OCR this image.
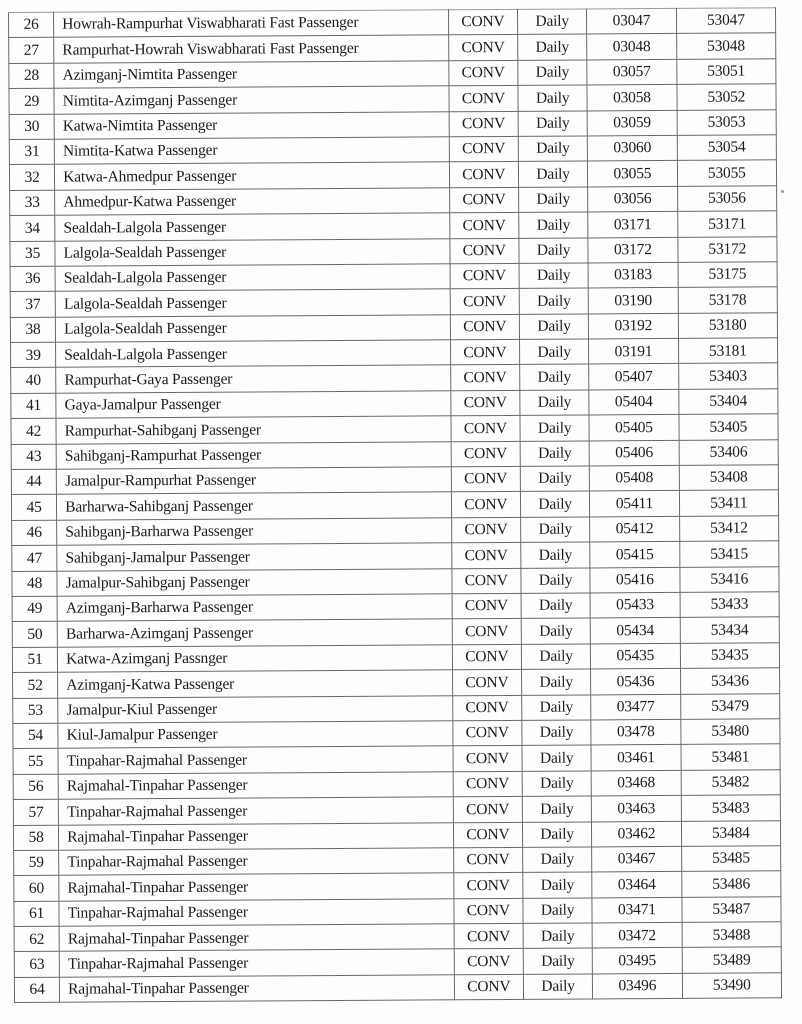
26	Howrah-Rampurhat Viswabharati Fast Passenger	CONV	Daily	03047	53047
27	Rampurhat-Howrah Viswabharati Fast Passenger	CONV	Daily	03048	53048
28	Azimganj-Nimtita Passenger	CONV	Daily	03057	53051
29	Nimtita-Azimganj Passenger	CONV	Daily	03058	53052
30	Katwa-Nimtita Passenger	CONV	Daily	03059	53053
31	Nimtita-Katwa Passenger	CONV	Daily	03060	53054
32	Katwa-Ahmedpur Passenger	CONV	Daily	03055	53055
33	Ahmedpur-Katwa Passenger	CONV	Daily	03056	53056
34	Sealdah-Lalgola Passenger	CONV	Daily	03171	53171
35	Lalgola-Sealdah Passenger	CONV	Daily	03172	53172
36	Sealdah-Lalgola Passenger	CONV	Daily	03183	53175
37	Lalgola-Sealdah Passenger	CONV	Daily	03190	53178
38	Lalgola-Sealdah Passenger	CONV	Daily	03192	53180
39	Sealdah-Lalgola Passenger	CONV	Daily	03191	53181
40	Rampurhat-Gaya Passenger	CONV	Daily	05407	53403
41	Gaya-Jamalpur Passenger	CONV	Daily	05404	53404
42	Rampurhat-Sahibganj Passenger	CONV	Daily	05405	53405
43	Sahibganj-Rampurhat Passenger	CONV	Daily	05406	53406
44	Jamalpur-Rampurhat Passenger	CONV	Daily	05408	53408
45	Barharwa-Sahibganj Passenger	CONV	Daily	05411	53411
46	Sahibganj-Barharwa Passenger	CONV	Daily	05412	53412
47	Sahibganj-Jamalpur Passenger	CONV	Daily	05415	53415
48	Jamalpur-Sahibganj Passenger	CONV	Daily	05416	53416
49	Azimganj-Barharwa Passenger	CONV	Daily	05433	53433
50	Barharwa-Azimganj Passenger	CONV	Daily	05434	53434
51	Katwa-Azimganj Passnger	CONV	Daily	05435	53435
52	Azimganj-Katwa Passenger	CONV	Daily	05436	53436
53	Jamalpur-Kiul Passenger	CONV	Daily	03477	53479
54	Kiul-Jamalpur Passenger	CONV	Daily	03478	53480
55	Tinpahar-Rajmahal Passenger	CONV	Daily	03461	53481
56	Rajmahal-Tinpahar Passenger	CONV	Daily	03468	53482
57	Tinpahar-Rajmahal Passenger	CONV	Daily	03463	53483
58	Rajmahal-Tinpahar Passenger	CONV	Daily	03462	53484
59	Tinpahar-Rajmahal Passenger	CONV	Daily	03467	53485
60	Rajmahal-Tinpahar Passenger	CONV	Daily	03464	53486
61	Tinpahar-Rajmahal Passenger	CONV	Daily	03471	53487
62	Rajmahal-Tinpahar Passenger	CONV	Daily	03472	53488
63	Tinpahar-Rajmahal Passenger	CONV	Daily	03495	53489
64	Rajmahal-Tinpahar Passenger	CONV	Daily	03496	53490
